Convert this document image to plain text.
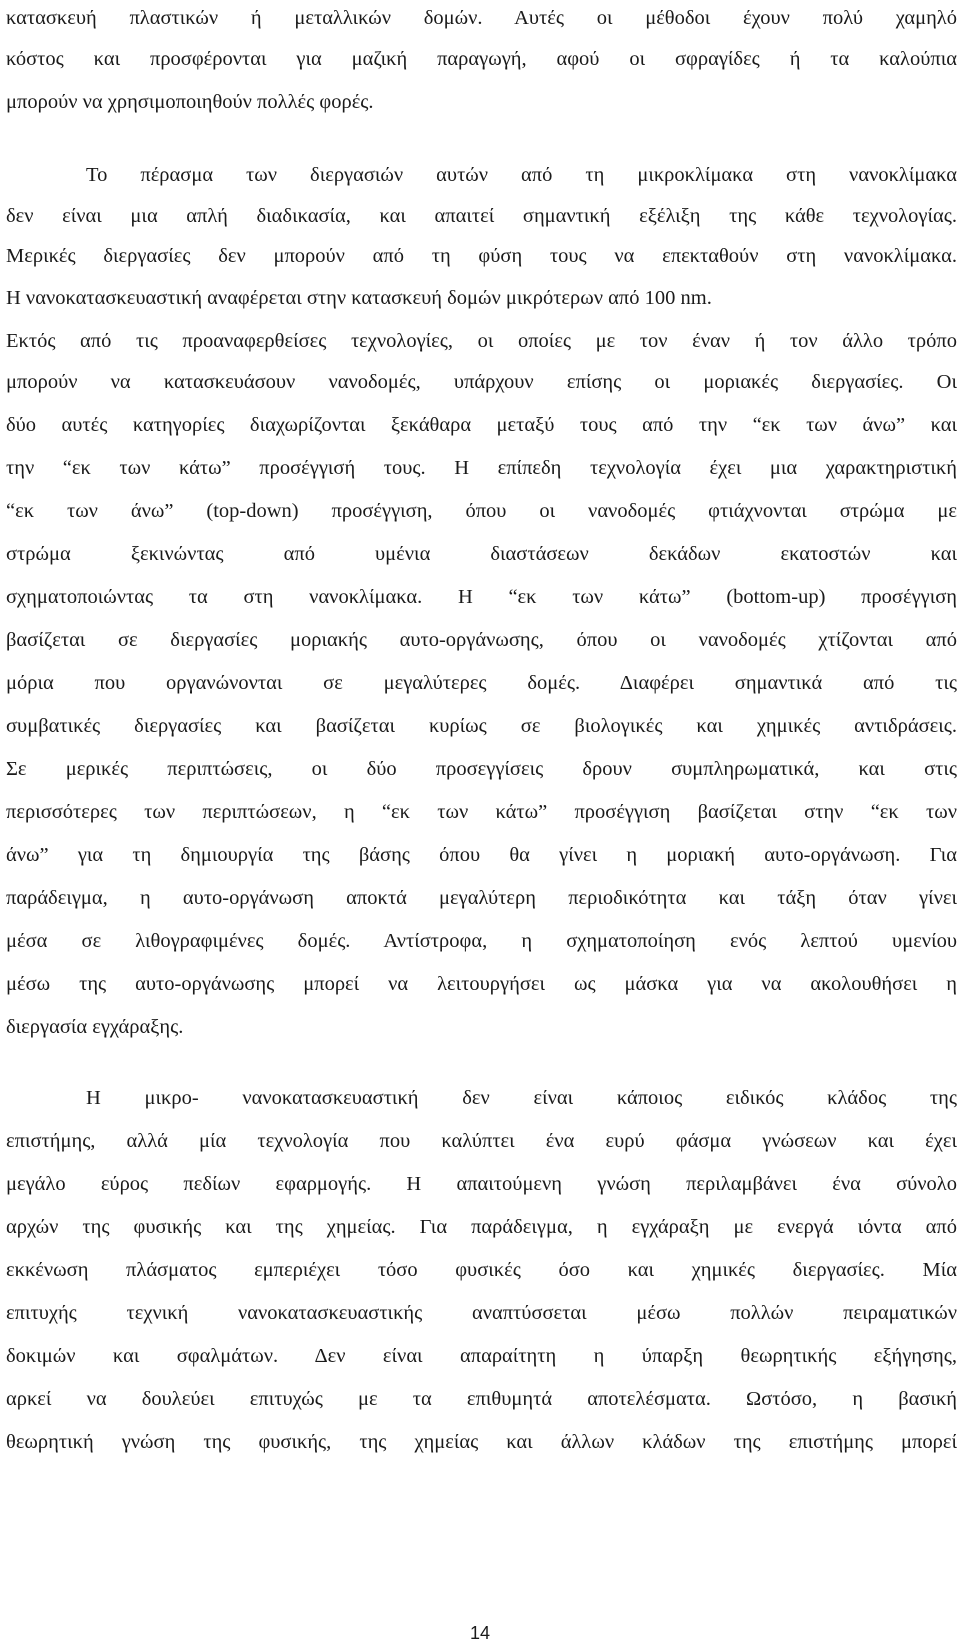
κατασκευή πλαστικών ή μεταλλικών δομών. Αυτές οι μέθοδοι έχουν πολύ χαμηλό
κόστος και προσφέρονται για μαζική παραγωγή, αφού οι σφραγίδες ή τα καλούπια
μπορούν να χρησιμοποιηθούν πολλές φορές.
Το πέρασμα των διεργασιών αυτών από τη μικροκλίμακα στη νανοκλίμακα
δεν είναι μια απλή διαδικασία, και απαιτεί σημαντική εξέλιξη της κάθε τεχνολογίας.
Μερικές διεργασίες δεν μπορούν από τη φύση τους να επεκταθούν στη νανοκλίμακα.
Η νανοκατασκευαστική αναφέρεται στην κατασκευή δομών μικρότερων από 100 nm.
Εκτός από τις προαναφερθείσες τεχνολογίες, οι οποίες με τον έναν ή τον άλλο τρόπο
μπορούν να κατασκευάσουν νανοδομές, υπάρχουν επίσης οι μοριακές διεργασίες. Οι
δύο αυτές κατηγορίες διαχωρίζονται ξεκάθαρα μεταξύ τους από την “εκ των άνω” και
την “εκ των κάτω” προσέγγισή τους. Η επίπεδη τεχνολογία έχει μια χαρακτηριστική
“εκ των άνω” (top-down) προσέγγιση, όπου οι νανοδομές φτιάχνονται στρώμα με
στρώμα ξεκινώντας από υμένια διαστάσεων δεκάδων εκατοστών και
σχηματοποιώντας τα στη νανοκλίμακα. Η “εκ των κάτω” (bottom-up) προσέγγιση
βασίζεται σε διεργασίες μοριακής αυτο-οργάνωσης, όπου οι νανοδομές χτίζονται από
μόρια που οργανώνονται σε μεγαλύτερες δομές. Διαφέρει σημαντικά από τις
συμβατικές διεργασίες και βασίζεται κυρίως σε βιολογικές και χημικές αντιδράσεις.
Σε μερικές περιπτώσεις, οι δύο προσεγγίσεις δρουν συμπληρωματικά, και στις
περισσότερες των περιπτώσεων, η “εκ των κάτω” προσέγγιση βασίζεται στην “εκ των
άνω” για τη δημιουργία της βάσης όπου θα γίνει η μοριακή αυτο-οργάνωση. Για
παράδειγμα, η αυτο-οργάνωση αποκτά μεγαλύτερη περιοδικότητα και τάξη όταν γίνει
μέσα σε λιθογραφιμένες δομές. Αντίστροφα, η σχηματοποίηση ενός λεπτού υμενίου
μέσω της αυτο-οργάνωσης μπορεί να λειτουργήσει ως μάσκα για να ακολουθήσει η
διεργασία εγχάραξης.
Η μικρο- νανοκατασκευαστική δεν είναι κάποιος ειδικός κλάδος της
επιστήμης, αλλά μία τεχνολογία που καλύπτει ένα ευρύ φάσμα γνώσεων και έχει
μεγάλο εύρος πεδίων εφαρμογής. Η απαιτούμενη γνώση περιλαμβάνει ένα σύνολο
αρχών της φυσικής και της χημείας. Για παράδειγμα, η εγχάραξη με ενεργά ιόντα από
εκκένωση πλάσματος εμπεριέχει τόσο φυσικές όσο και χημικές διεργασίες. Μία
επιτυχής τεχνική νανοκατασκευαστικής αναπτύσσεται μέσω πολλών πειραματικών
δοκιμών και σφαλμάτων. Δεν είναι απαραίτητη η ύπαρξη θεωρητικής εξήγησης,
αρκεί να δουλεύει επιτυχώς με τα επιθυμητά αποτελέσματα. Ωστόσο, η βασική
θεωρητική γνώση της φυσικής, της χημείας και άλλων κλάδων της επιστήμης μπορεί
14
